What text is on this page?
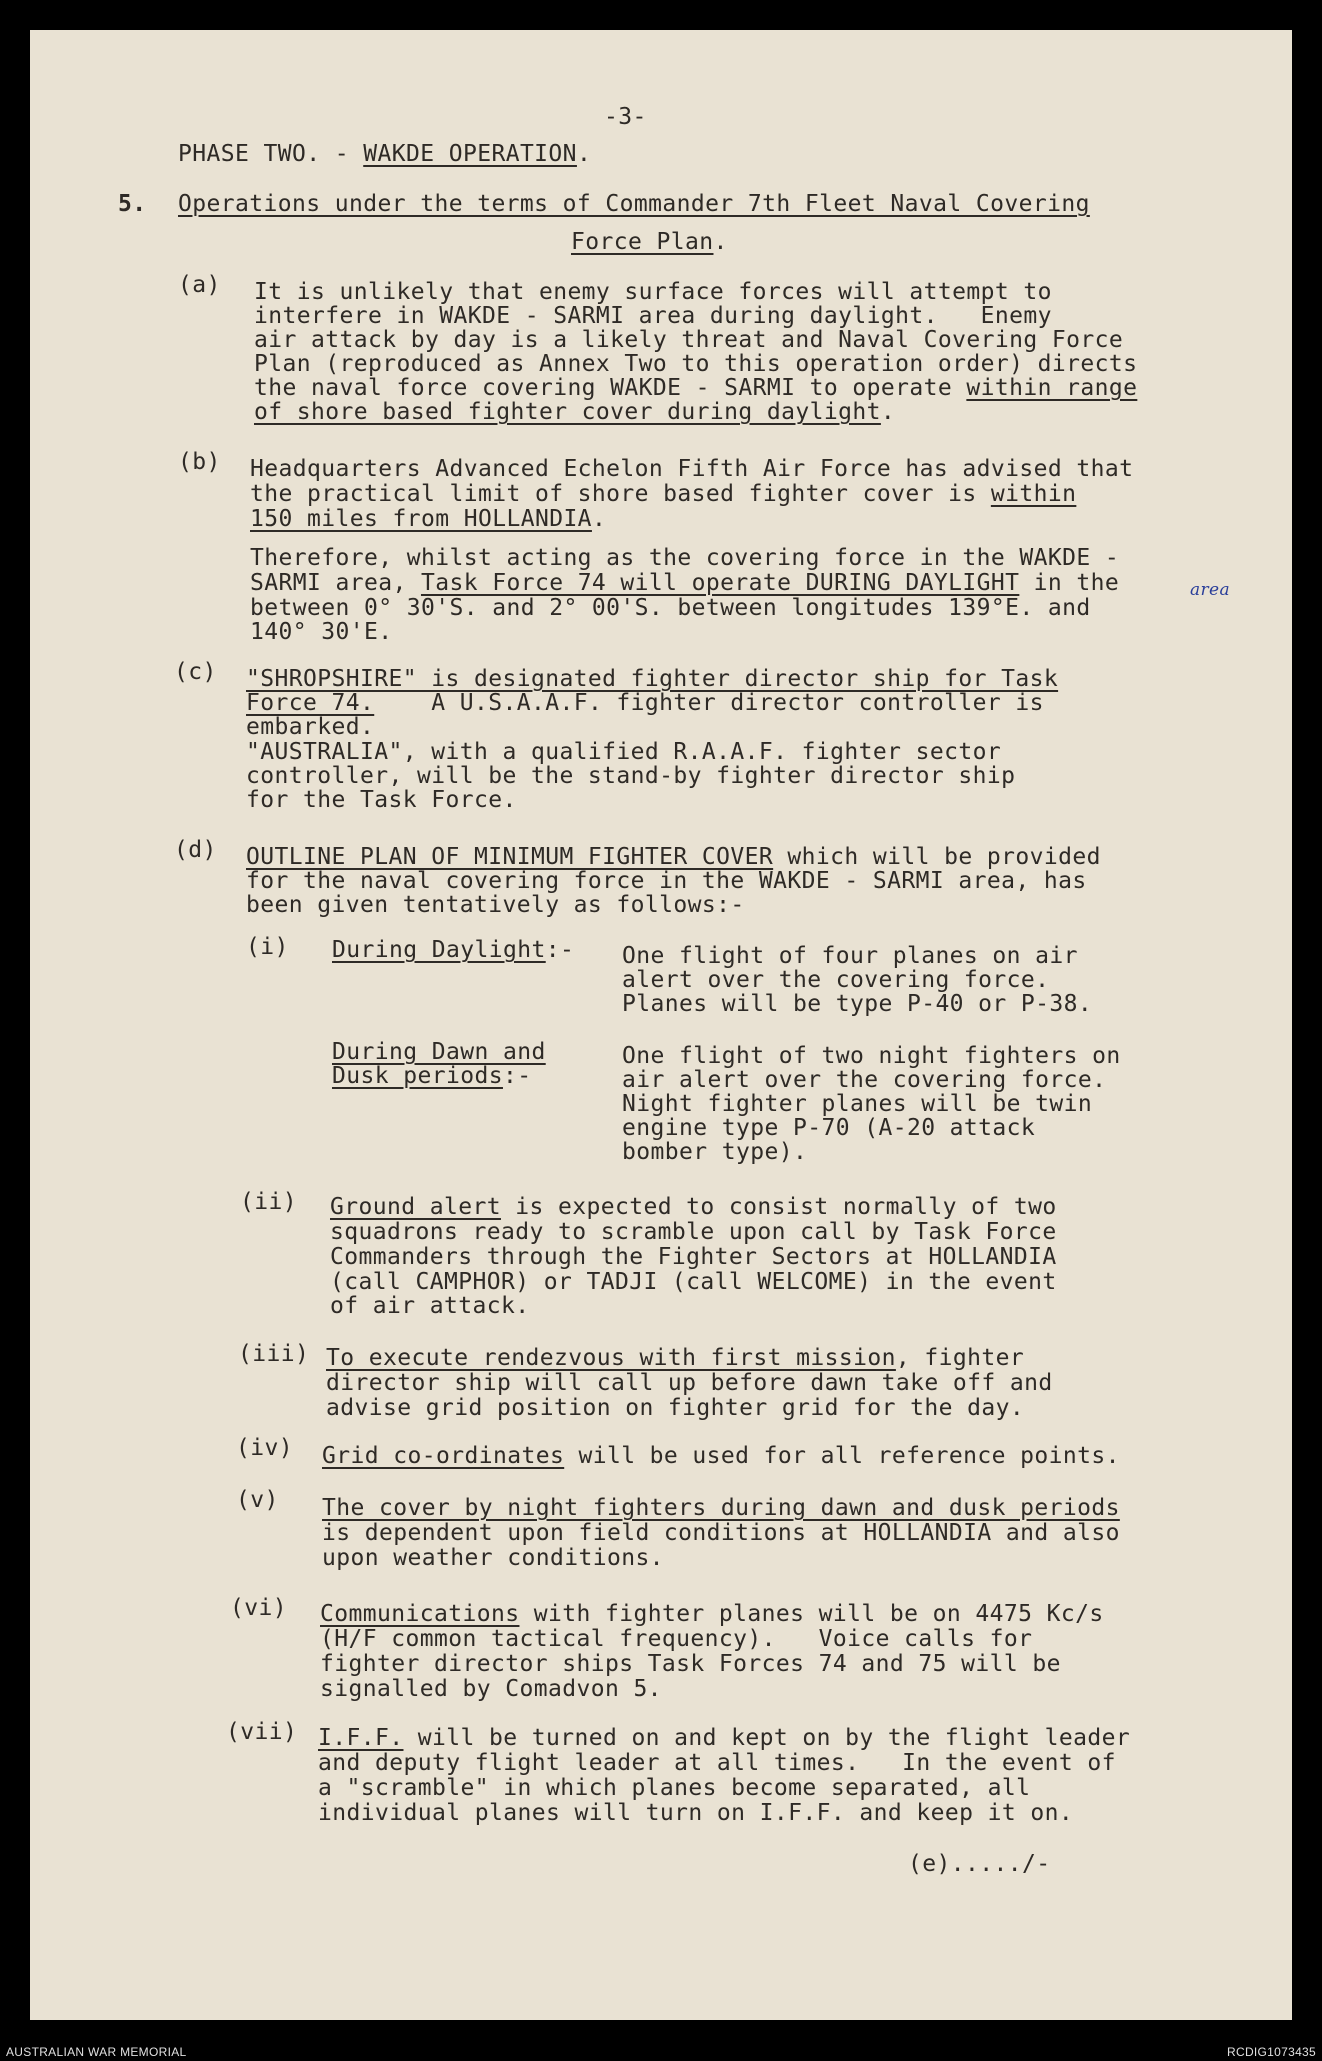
-3-
PHASE TWO. - WAKDE OPERATION.
5. Operations under the terms of Commander 7th Fleet Naval Covering
Force Plan.
(a) It is unlikely that enemy surface forces will attempt to
interfere in WAKDE - SARMI area during daylight.   Enemy
air attack by day is a likely threat and Naval Covering Force
Plan (reproduced as Annex Two to this operation order) directs
the naval force covering WAKDE - SARMI to operate within range
of shore based fighter cover during daylight.
(b) Headquarters Advanced Echelon Fifth Air Force has advised that
the practical limit of shore based fighter cover is within
150 miles from HOLLANDIA.
Therefore, whilst acting as the covering force in the WAKDE -
SARMI area, Task Force 74 will operate DURING DAYLIGHT in the	area
between 0° 30'S. and 2° 00'S. between longitudes 139°E. and
140° 30'E.
(c) "SHROPSHIRE" is designated fighter director ship for Task
Force 74.    A U.S.A.A.F. fighter director controller is
embarked.
"AUSTRALIA", with a qualified R.A.A.F. fighter sector
controller, will be the stand-by fighter director ship
for the Task Force.
(d) OUTLINE PLAN OF MINIMUM FIGHTER COVER which will be provided
for the naval covering force in the WAKDE - SARMI area, has
been given tentatively as follows:-
(i) During Daylight:- One flight of four planes on air
alert over the covering force.
Planes will be type P-40 or P-38.
During Dawn and
Dusk periods:-
One flight of two night fighters on
air alert over the covering force.
Night fighter planes will be twin
engine type P-70 (A-20 attack
bomber type).
(ii) Ground alert is expected to consist normally of two
squadrons ready to scramble upon call by Task Force
Commanders through the Fighter Sectors at HOLLANDIA
(call CAMPHOR) or TADJI (call WELCOME) in the event
of air attack.
(iii) To execute rendezvous with first mission, fighter
director ship will call up before dawn take off and
advise grid position on fighter grid for the day.
(iv) Grid co-ordinates will be used for all reference points.
(v) The cover by night fighters during dawn and dusk periods
is dependent upon field conditions at HOLLANDIA and also
upon weather conditions.
(vi) Communications with fighter planes will be on 4475 Kc/s
(H/F common tactical frequency).   Voice calls for
fighter director ships Task Forces 74 and 75 will be
signalled by Comadvon 5.
(vii) I.F.F. will be turned on and kept on by the flight leader
and deputy flight leader at all times.   In the event of
a "scramble" in which planes become separated, all
individual planes will turn on I.F.F. and keep it on.
(e)...../-
AUSTRALIAN WAR MEMORIAL	RCDIG1073435
